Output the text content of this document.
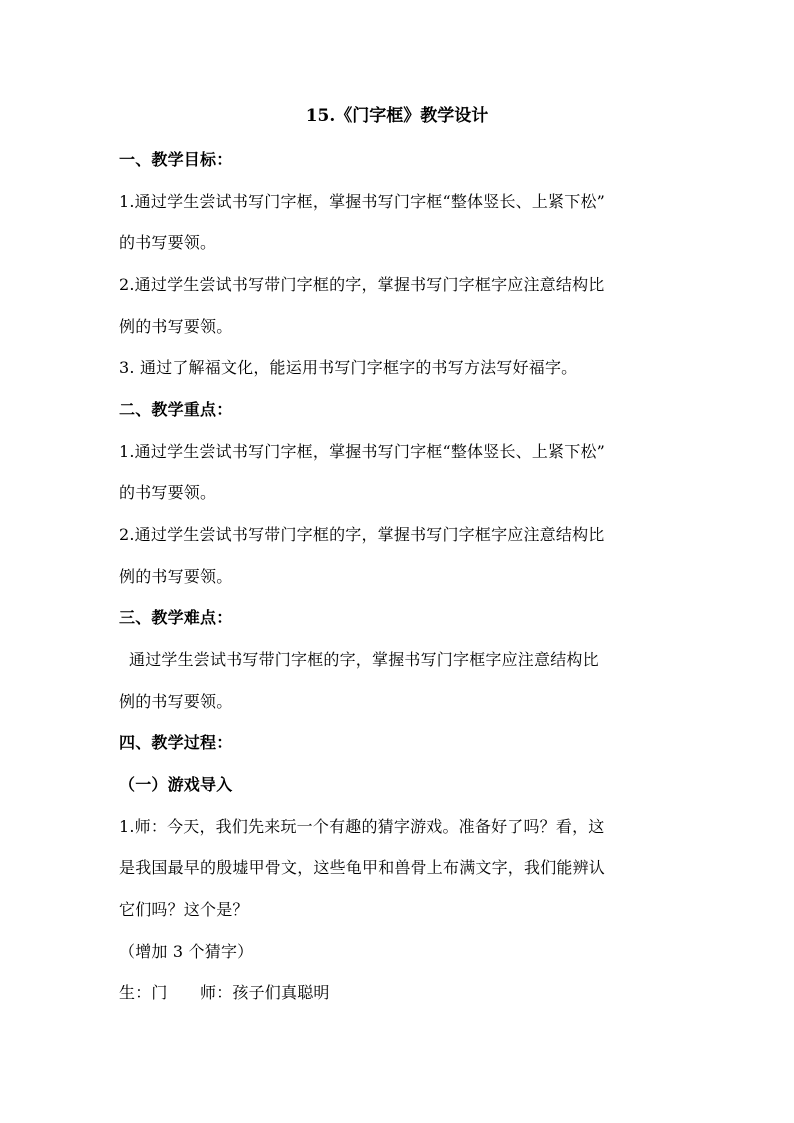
15.《门字框》教学设计
一、教学目标：
1.通过学生尝试书写门字框，掌握书写门字框“整体竖长、上紧下松”
的书写要领。
2.通过学生尝试书写带门字框的字，掌握书写门字框字应注意结构比
例的书写要领。
3. 通过了解福文化，能运用书写门字框字的书写方法写好福字。
二、教学重点：
1.通过学生尝试书写门字框，掌握书写门字框“整体竖长、上紧下松”
的书写要领。
2.通过学生尝试书写带门字框的字，掌握书写门字框字应注意结构比
例的书写要领。
三、教学难点：
通过学生尝试书写带门字框的字，掌握书写门字框字应注意结构比
例的书写要领。
四、教学过程：
（一）游戏导入
1.师：今天，我们先来玩一个有趣的猜字游戏。准备好了吗？看，这
是我国最早的殷墟甲骨文，这些龟甲和兽骨上布满文字，我们能辨认
它们吗？这个是？
（增加 3 个猜字）
生：门　　师：孩子们真聪明
